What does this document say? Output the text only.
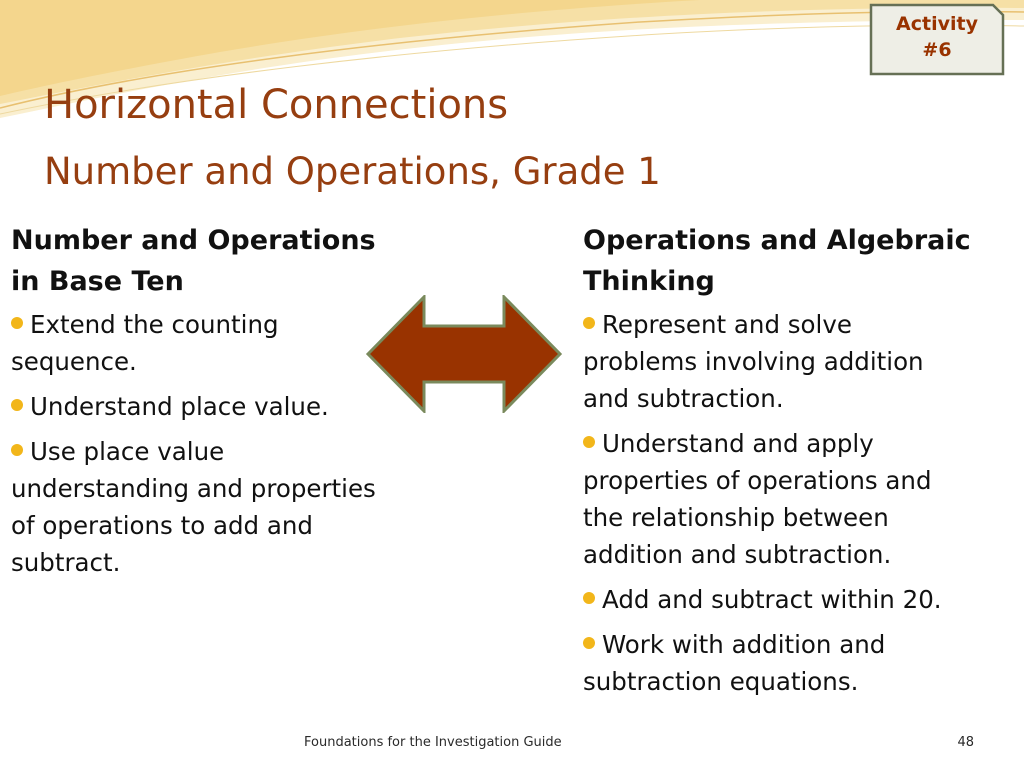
Activity
#6
Horizontal Connections
Number and Operations, Grade 1
Number and Operations
in Base Ten
Extend the counting
sequence.
Understand place value.
Use place value
understanding and properties
of operations to add and
subtract.
Operations and Algebraic
Thinking
Represent and solve
problems involving addition
and subtraction.
Understand and apply
properties of operations and
the relationship between
addition and subtraction.
Add and subtract within 20.
Work with addition and
subtraction equations.
Foundations for the Investigation Guide	48
